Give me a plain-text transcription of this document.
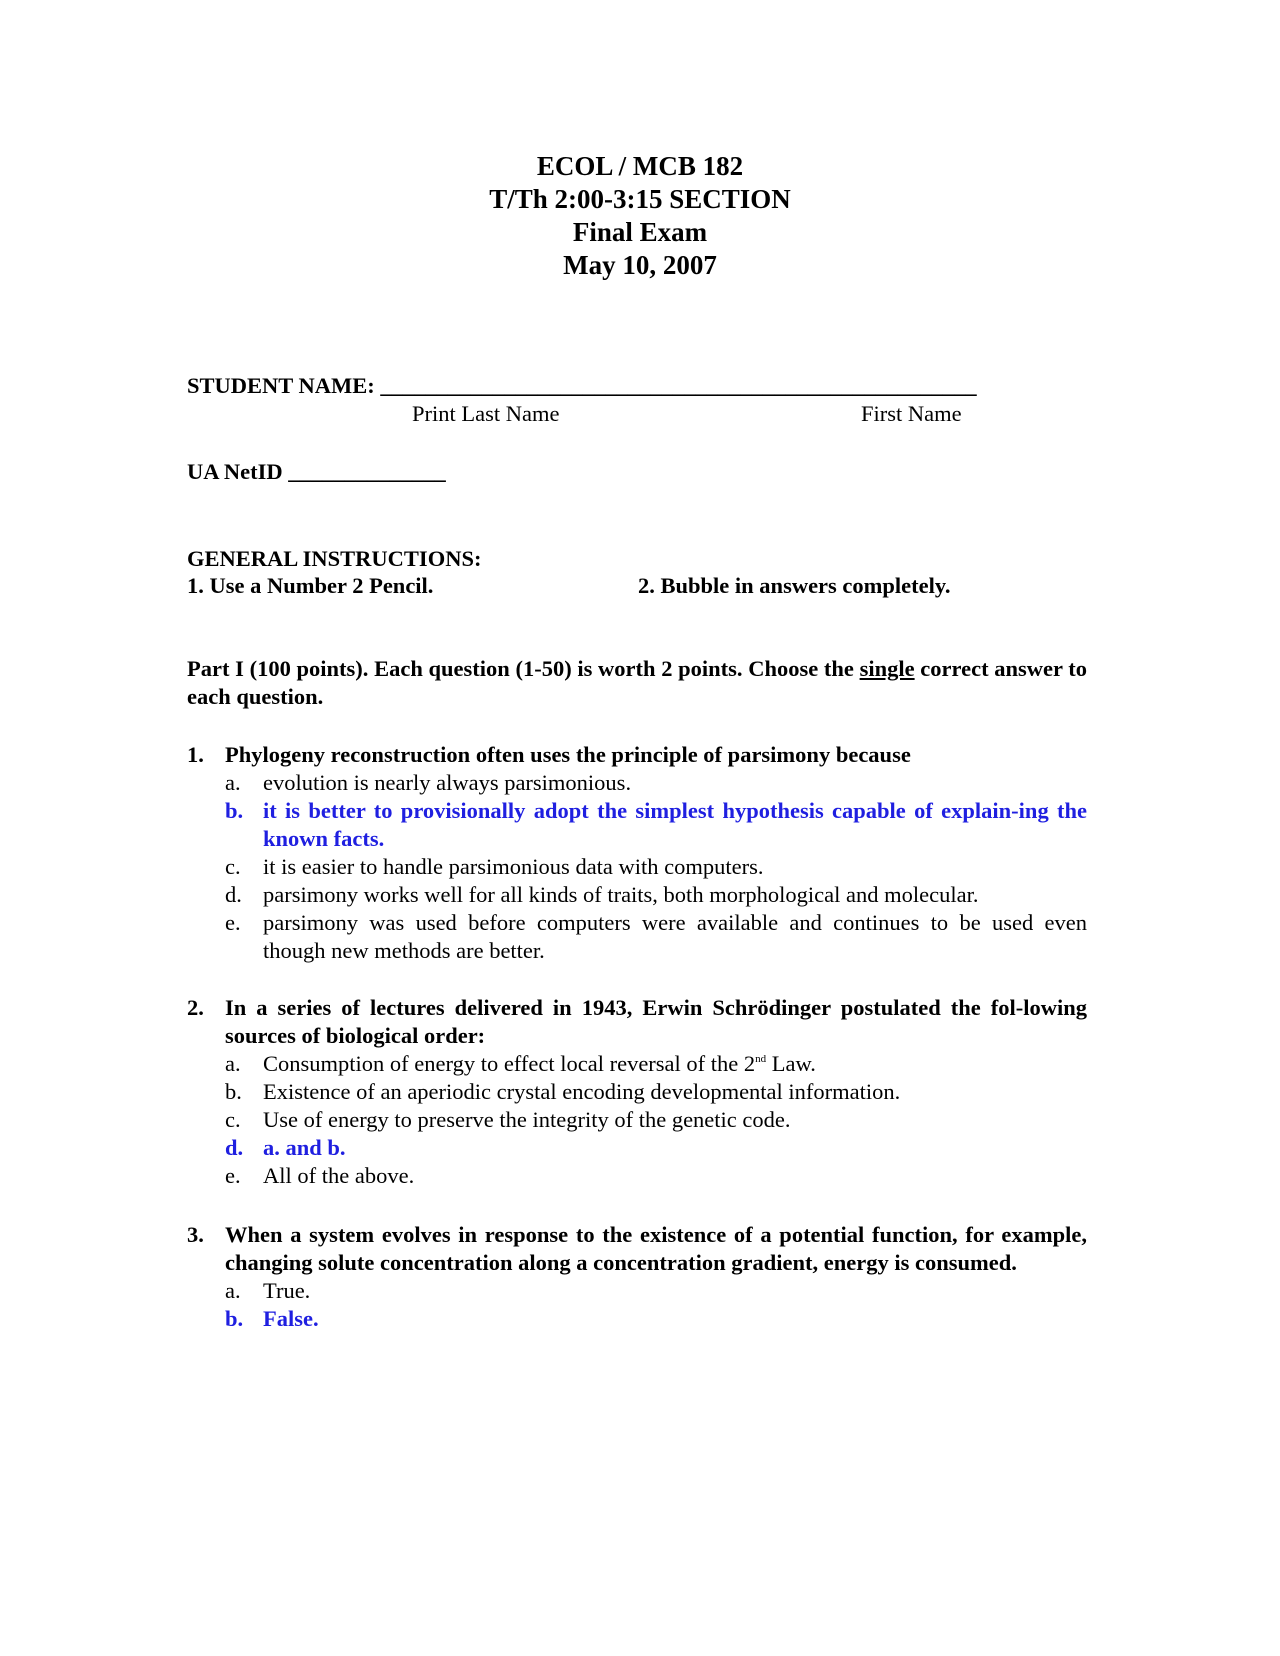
ECOL / MCB 182
T/Th 2:00-3:15 SECTION
Final Exam
May 10, 2007
STUDENT NAME: _____________________________________________________
Print Last Name	First Name
UA NetID ______________
GENERAL INSTRUCTIONS:
1. Use a Number 2 Pencil.	2. Bubble in answers completely.
Part I (100 points). Each question (1-50) is worth 2 points. Choose the single correct answer to each question.
1. Phylogeny reconstruction often uses the principle of parsimony because
a. evolution is nearly always parsimonious.
b. it is better to provisionally adopt the simplest hypothesis capable of explain-ing the known facts.
c. it is easier to handle parsimonious data with computers.
d. parsimony works well for all kinds of traits, both morphological and molecular.
e. parsimony was used before computers were available and continues to be used even though new methods are better.
2. In a series of lectures delivered in 1943, Erwin Schrödinger postulated the fol-lowing sources of biological order:
a. Consumption of energy to effect local reversal of the 2nd Law.
b. Existence of an aperiodic crystal encoding developmental information.
c. Use of energy to preserve the integrity of the genetic code.
d. a. and b.
e. All of the above.
3. When a system evolves in response to the existence of a potential function, for example, changing solute concentration along a concentration gradient, energy is consumed.
a. True.
b. False.
